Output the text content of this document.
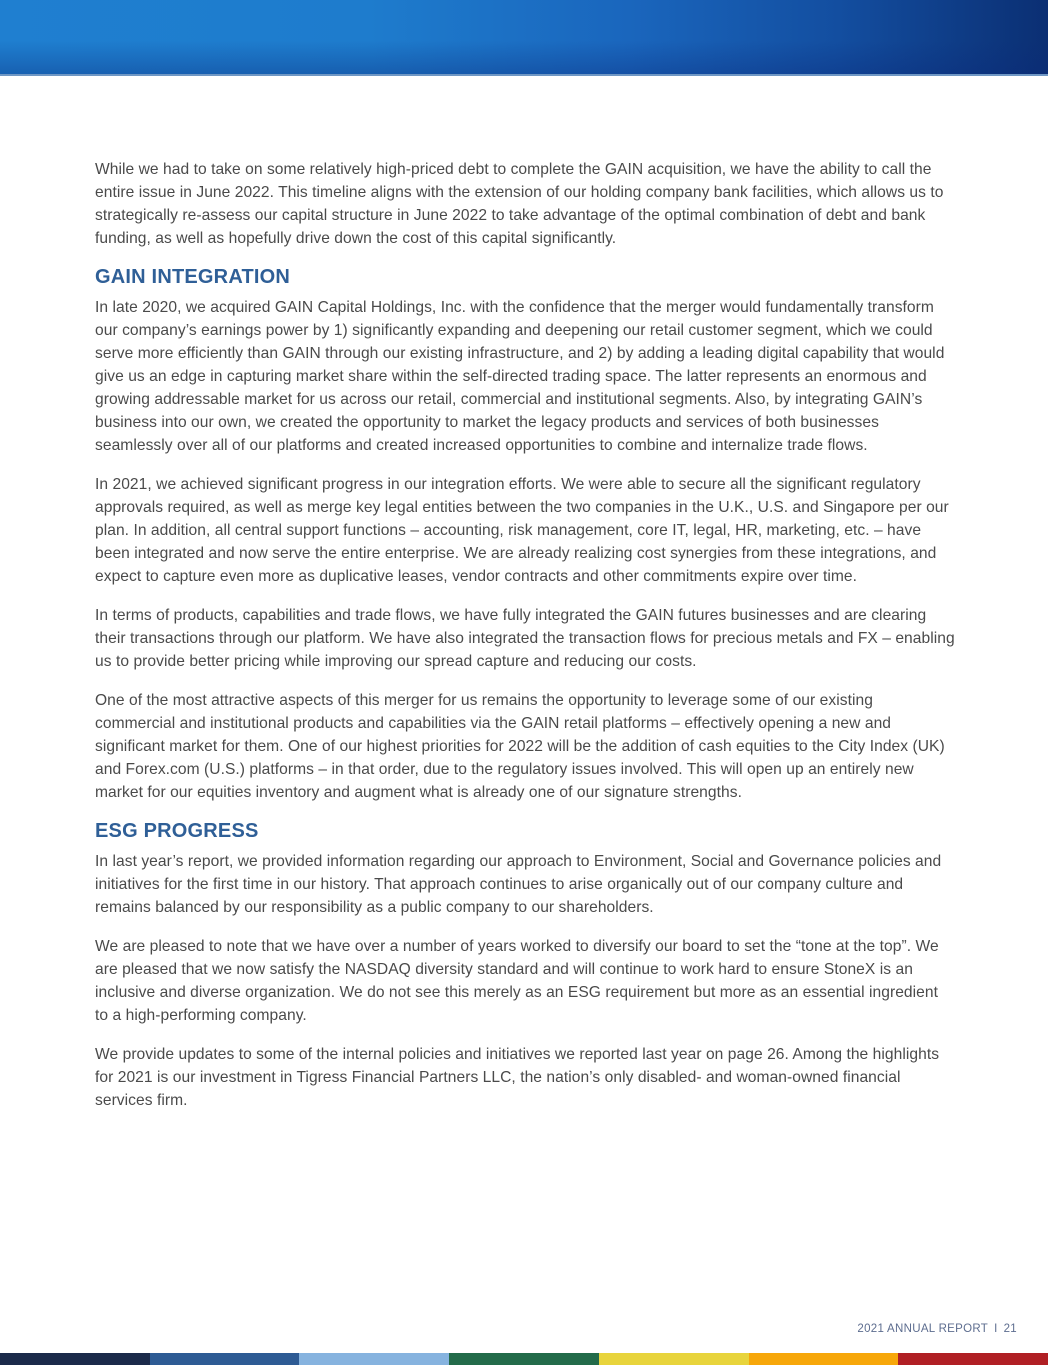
While we had to take on some relatively high-priced debt to complete the GAIN acquisition, we have the ability to call the entire issue in June 2022. This timeline aligns with the extension of our holding company bank facilities, which allows us to strategically re-assess our capital structure in June 2022 to take advantage of the optimal combination of debt and bank funding, as well as hopefully drive down the cost of this capital significantly.

GAIN INTEGRATION

In late 2020, we acquired GAIN Capital Holdings, Inc. with the confidence that the merger would fundamentally transform our company’s earnings power by 1) significantly expanding and deepening our retail customer segment, which we could serve more efficiently than GAIN through our existing infrastructure, and 2) by adding a leading digital capability that would give us an edge in capturing market share within the self-directed trading space. The latter represents an enormous and growing addressable market for us across our retail, commercial and institutional segments. Also, by integrating GAIN’s business into our own, we created the opportunity to market the legacy products and services of both businesses seamlessly over all of our platforms and created increased opportunities to combine and internalize trade flows.

In 2021, we achieved significant progress in our integration efforts. We were able to secure all the significant regulatory approvals required, as well as merge key legal entities between the two companies in the U.K., U.S. and Singapore per our plan. In addition, all central support functions – accounting, risk management, core IT, legal, HR, marketing, etc. – have been integrated and now serve the entire enterprise. We are already realizing cost synergies from these integrations, and expect to capture even more as duplicative leases, vendor contracts and other commitments expire over time.

In terms of products, capabilities and trade flows, we have fully integrated the GAIN futures businesses and are clearing their transactions through our platform. We have also integrated the transaction flows for precious metals and FX – enabling us to provide better pricing while improving our spread capture and reducing our costs.

One of the most attractive aspects of this merger for us remains the opportunity to leverage some of our existing commercial and institutional products and capabilities via the GAIN retail platforms – effectively opening a new and significant market for them. One of our highest priorities for 2022 will be the addition of cash equities to the City Index (UK) and Forex.com (U.S.) platforms – in that order, due to the regulatory issues involved. This will open up an entirely new market for our equities inventory and augment what is already one of our signature strengths.

ESG PROGRESS

In last year’s report, we provided information regarding our approach to Environment, Social and Governance policies and initiatives for the first time in our history. That approach continues to arise organically out of our company culture and remains balanced by our responsibility as a public company to our shareholders.

We are pleased to note that we have over a number of years worked to diversify our board to set the “tone at the top”. We are pleased that we now satisfy the NASDAQ diversity standard and will continue to work hard to ensure StoneX is an inclusive and diverse organization. We do not see this merely as an ESG requirement but more as an essential ingredient to a high-performing company.

We provide updates to some of the internal policies and initiatives we reported last year on page 26. Among the highlights for 2021 is our investment in Tigress Financial Partners LLC, the nation’s only disabled- and woman-owned financial services firm.

2021 ANNUAL REPORT I 21
